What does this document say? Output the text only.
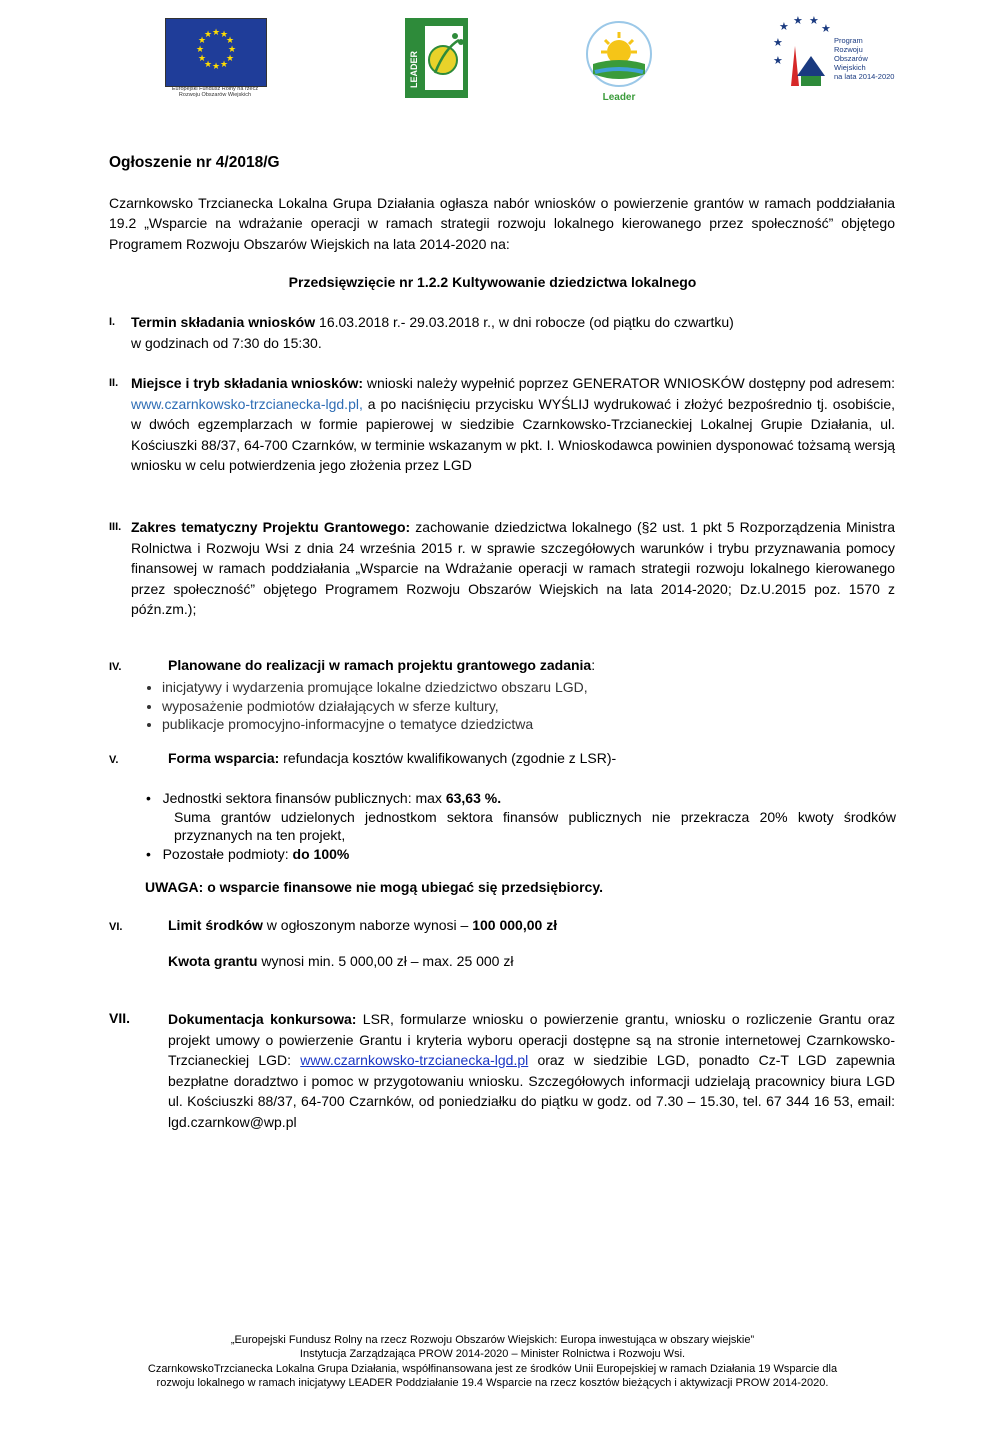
★ ★
★
★
★
★
★
★
★
★
★
★
Europejski Fundusz Rolny na rzecz
Rozwoju Obszarów Wiejskich
LEADER
Leader
★ ★ ★
★
★
★
Program
Rozwoju
Obszarów
Wiejskich
na lata 2014-2020
Ogłoszenie nr 4/2018/G
Czarnkowsko Trzcianecka Lokalna Grupa Działania ogłasza nabór wniosków o powierzenie grantów w ramach poddziałania 19.2 „Wsparcie na wdrażanie operacji w ramach strategii rozwoju lokalnego kierowanego przez społeczność” objętego Programem Rozwoju Obszarów Wiejskich na lata 2014-2020 na:
Przedsięwzięcie nr 1.2.2 Kultywowanie dziedzictwa lokalnego
I. Termin składania wniosków 16.03.2018 r.- 29.03.2018 r., w dni robocze (od piątku do czwartku)
w godzinach od 7:30 do 15:30.
II. Miejsce i tryb składania wniosków: wnioski należy wypełnić poprzez GENERATOR WNIOSKÓW dostępny pod adresem: www.czarnkowsko-trzcianecka-lgd.pl, a po naciśnięciu przycisku WYŚLIJ wydrukować i złożyć bezpośrednio tj. osobiście, w dwóch egzemplarzach w formie papierowej w siedzibie Czarnkowsko-Trzcianeckiej Lokalnej Grupie Działania, ul. Kościuszki 88/37, 64-700 Czarnków, w terminie wskazanym w pkt. I. Wnioskodawca powinien dysponować tożsamą wersją wniosku w celu potwierdzenia jego złożenia przez LGD
III. Zakres tematyczny Projektu Grantowego: zachowanie dziedzictwa lokalnego (§2 ust. 1 pkt 5 Rozporządzenia Ministra Rolnictwa i Rozwoju Wsi z dnia 24 września 2015 r. w sprawie szczegółowych warunków i trybu przyznawania pomocy finansowej w ramach poddziałania „Wsparcie na Wdrażanie operacji w ramach strategii rozwoju lokalnego kierowanego przez społeczność” objętego Programem Rozwoju Obszarów Wiejskich na lata 2014-2020; Dz.U.2015 poz. 1570 z późn.zm.);
IV.	Planowane do realizacji w ramach projektu grantowego zadania:
• inicjatywy i wydarzenia promujące lokalne dziedzictwo obszaru LGD,
• wyposażenie podmiotów działających w sferze kultury,
• publikacje promocyjno-informacyjne o tematyce dziedzictwa
V.	Forma wsparcia: refundacja kosztów kwalifikowanych (zgodnie z LSR)-
•   Jednostki sektora finansów publicznych: max 63,63 %.
Suma grantów udzielonych jednostkom sektora finansów publicznych nie przekracza 20% kwoty środków przyznanych na ten projekt,
•   Pozostałe podmioty: do 100%
UWAGA: o wsparcie finansowe nie mogą ubiegać się przedsiębiorcy.
VI.	Limit środków w ogłoszonym naborze wynosi – 100 000,00 zł
Kwota grantu wynosi min. 5 000,00 zł – max. 25 000 zł
VII.	Dokumentacja konkursowa: LSR, formularze wniosku o powierzenie grantu, wniosku o rozliczenie Grantu oraz projekt umowy o powierzenie Grantu i kryteria wyboru operacji dostępne są na stronie internetowej Czarnkowsko-Trzcianeckiej LGD: www.czarnkowsko-trzcianecka-lgd.pl oraz w siedzibie LGD, ponadto Cz-T LGD zapewnia bezpłatne doradztwo i pomoc w przygotowaniu wniosku. Szczegółowych informacji udzielają pracownicy biura LGD ul. Kościuszki 88/37, 64-700 Czarnków, od poniedziałku do piątku w godz. od 7.30 – 15.30, tel. 67 344 16 53, email: lgd.czarnkow@wp.pl
„Europejski Fundusz Rolny na rzecz Rozwoju Obszarów Wiejskich: Europa inwestująca w obszary wiejskie”
Instytucja Zarządzająca PROW 2014-2020 – Minister Rolnictwa i Rozwoju Wsi.
CzarnkowskoTrzcianecka Lokalna Grupa Działania, współfinansowana jest ze środków Unii Europejskiej w ramach Działania 19 Wsparcie dla
rozwoju lokalnego w ramach inicjatywy LEADER Poddziałanie 19.4 Wsparcie na rzecz kosztów bieżących i aktywizacji PROW 2014-2020.
